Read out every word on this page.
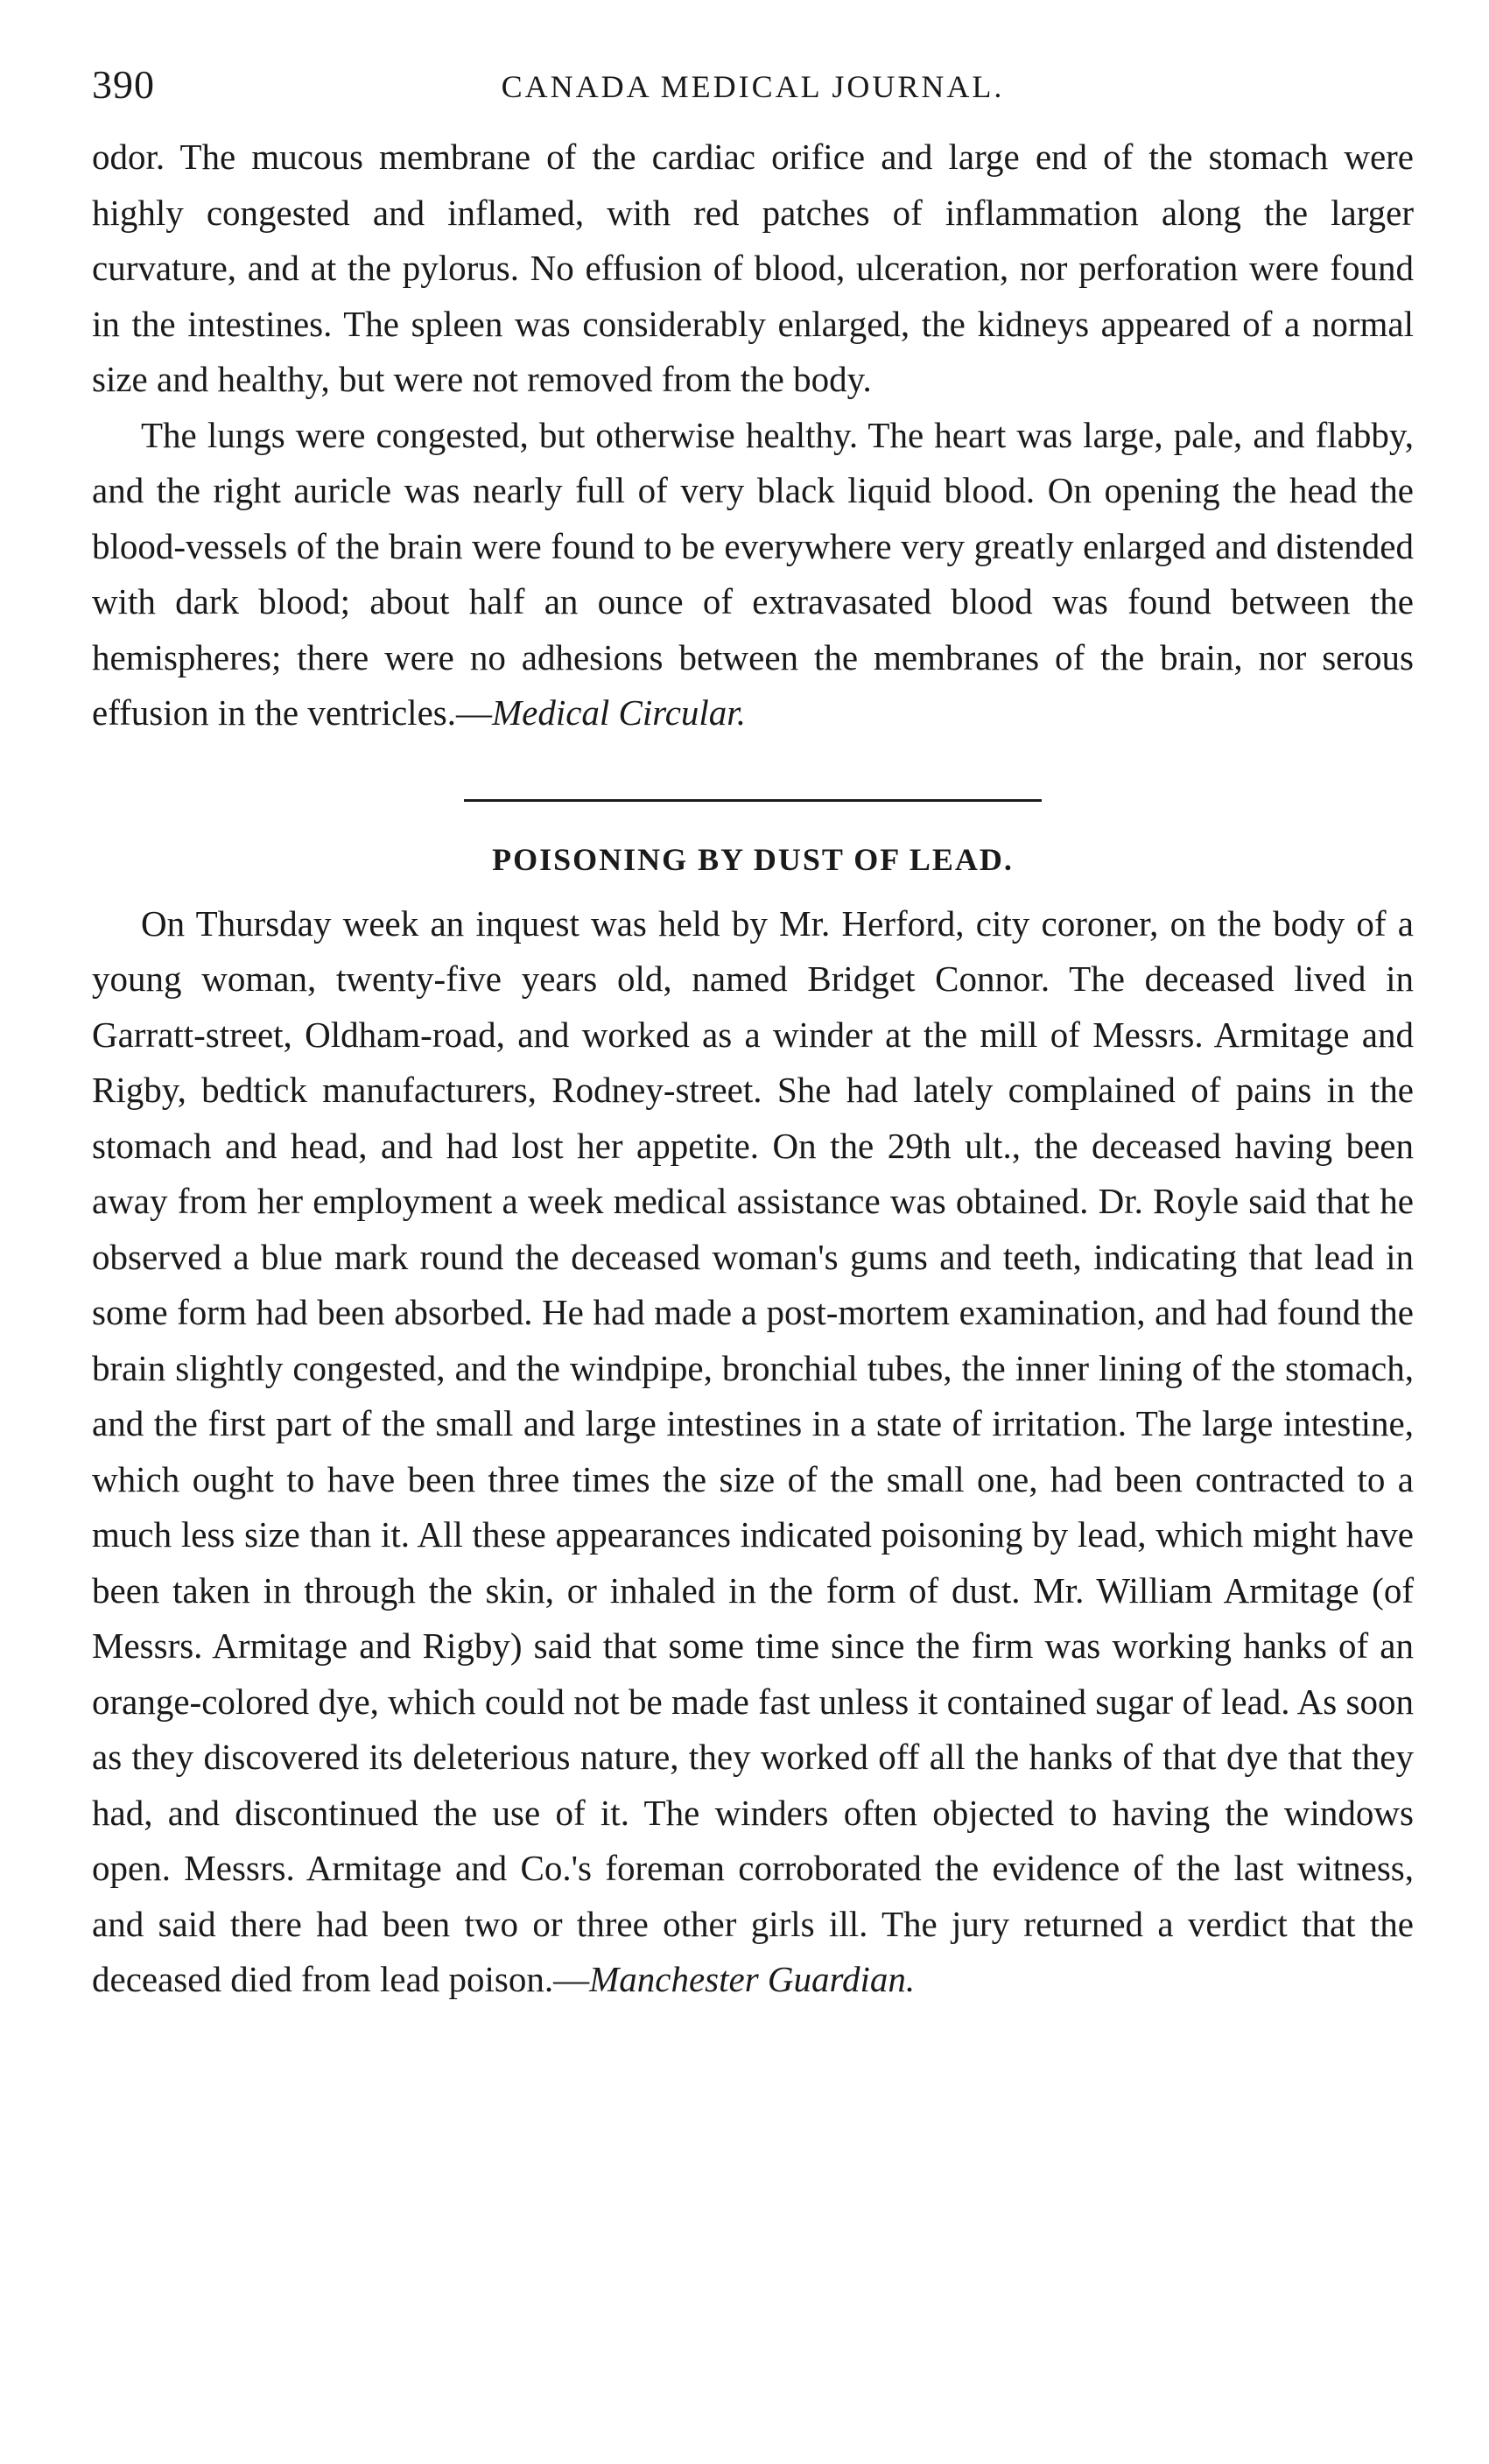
390	CANADA MEDICAL JOURNAL.

odor. The mucous membrane of the cardiac orifice and large end of the stomach were highly congested and inflamed, with red patches of inflammation along the larger curvature, and at the pylorus. No effusion of blood, ulceration, nor perforation were found in the intestines. The spleen was considerably enlarged, the kidneys appeared of a normal size and healthy, but were not removed from the body.

The lungs were congested, but otherwise healthy. The heart was large, pale, and flabby, and the right auricle was nearly full of very black liquid blood. On opening the head the blood-vessels of the brain were found to be everywhere very greatly enlarged and distended with dark blood; about half an ounce of extravasated blood was found between the hemispheres; there were no adhesions between the membranes of the brain, nor serous effusion in the ventricles.—Medical Circular.

POISONING BY DUST OF LEAD.

On Thursday week an inquest was held by Mr. Herford, city coroner, on the body of a young woman, twenty-five years old, named Bridget Connor. The deceased lived in Garratt-street, Oldham-road, and worked as a winder at the mill of Messrs. Armitage and Rigby, bedtick manufacturers, Rodney-street. She had lately complained of pains in the stomach and head, and had lost her appetite. On the 29th ult., the deceased having been away from her employment a week medical assistance was obtained. Dr. Royle said that he observed a blue mark round the deceased woman's gums and teeth, indicating that lead in some form had been absorbed. He had made a post-mortem examination, and had found the brain slightly congested, and the windpipe, bronchial tubes, the inner lining of the stomach, and the first part of the small and large intestines in a state of irritation. The large intestine, which ought to have been three times the size of the small one, had been contracted to a much less size than it. All these appearances indicated poisoning by lead, which might have been taken in through the skin, or inhaled in the form of dust. Mr. William Armitage (of Messrs. Armitage and Rigby) said that some time since the firm was working hanks of an orange-colored dye, which could not be made fast unless it contained sugar of lead. As soon as they discovered its deleterious nature, they worked off all the hanks of that dye that they had, and discontinued the use of it. The winders often objected to having the windows open. Messrs. Armitage and Co.'s foreman corroborated the evidence of the last witness, and said there had been two or three other girls ill. The jury returned a verdict that the deceased died from lead poison.—Manchester Guardian.
